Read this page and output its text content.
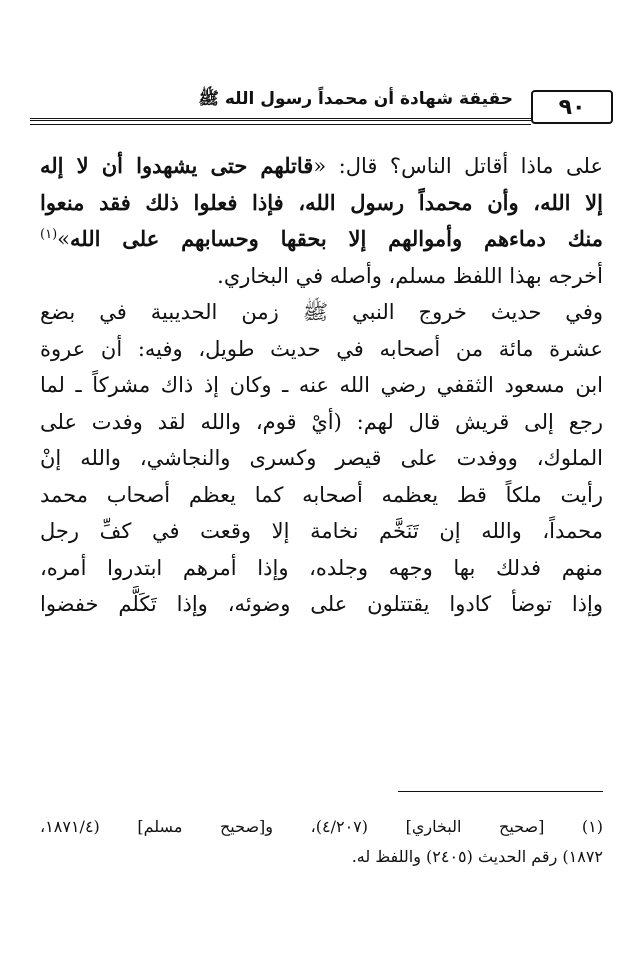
٩٠
حقيقة شهادة أن محمداً رسول الله ﷺ
على ماذا أقاتل الناس؟ قال: «قاتلهم حتى يشهدوا أن لا إله
إلا الله، وأن محمداً رسول الله، فإذا فعلوا ذلك فقد منعوا
منك دماءهم وأموالهم إلا بحقها وحسابهم على الله»$^{(١)}$
أخرجه بهذا اللفظ مسلم، وأصله في البخاري.
وفي حديث خروج النبي ﷺ زمن الحديبية في بضع
عشرة مائة من أصحابه في حديث طويل، وفيه: أن عروة
ابن مسعود الثقفي رضي الله عنه ـ وكان إذ ذاك مشركاً ـ لما
رجع إلى قريش قال لهم: (أيْ قوم، والله لقد وفدت على
الملوك، ووفدت على قيصر وكسرى والنجاشي، والله إنْ
رأيت ملكاً قط يعظمه أصحابه كما يعظم أصحاب محمد
محمداً، والله إن تَنَخَّم نخامة إلا وقعت في كفِّ رجل
منهم فدلك بها وجهه وجلده، وإذا أمرهم ابتدروا أمره،
وإذا توضأ كادوا يقتتلون على وضوئه، وإذا تَكَلَّم خفضوا
(١) [صحيح البخاري] (٤/٢٠٧)، و[صحيح مسلم] (١٨٧١/٤،
١٨٧٢) رقم الحديث (٢٤٠٥) واللفظ له.
